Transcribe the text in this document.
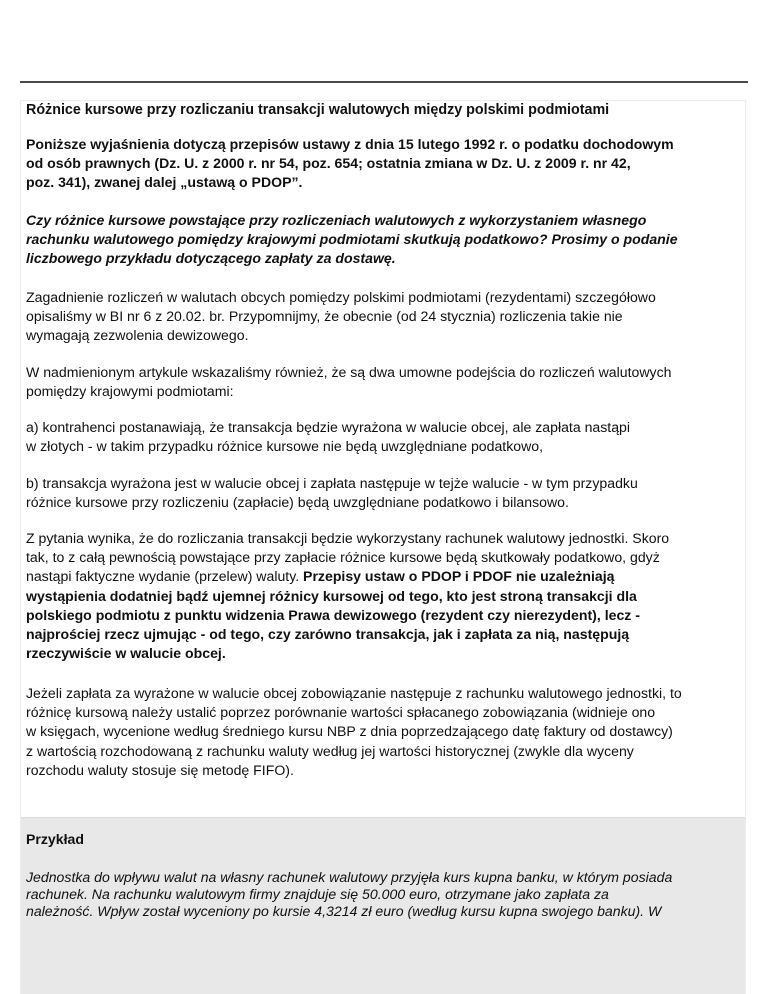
Różnice kursowe przy rozliczaniu transakcji walutowych między polskimi podmiotami

Poniższe wyjaśnienia dotyczą przepisów ustawy z dnia 15 lutego 1992 r. o podatku dochodowym
od osób prawnych (Dz. U. z 2000 r. nr 54, poz. 654; ostatnia zmiana w Dz. U. z 2009 r. nr 42,
poz. 341), zwanej dalej „ustawą o PDOP”.

Czy różnice kursowe powstające przy rozliczeniach walutowych z wykorzystaniem własnego
rachunku walutowego pomiędzy krajowymi podmiotami skutkują podatkowo? Prosimy o podanie
liczbowego przykładu dotyczącego zapłaty za dostawę.

Zagadnienie rozliczeń w walutach obcych pomiędzy polskimi podmiotami (rezydentami) szczegółowo
opisaliśmy w BI nr 6 z 20.02. br. Przypomnijmy, że obecnie (od 24 stycznia) rozliczenia takie nie
wymagają zezwolenia dewizowego.

W nadmienionym artykule wskazaliśmy również, że są dwa umowne podejścia do rozliczeń walutowych
pomiędzy krajowymi podmiotami:

a) kontrahenci postanawiają, że transakcja będzie wyrażona w walucie obcej, ale zapłata nastąpi
w złotych - w takim przypadku różnice kursowe nie będą uwzględniane podatkowo,

b) transakcja wyrażona jest w walucie obcej i zapłata następuje w tejże walucie - w tym przypadku
różnice kursowe przy rozliczeniu (zapłacie) będą uwzględniane podatkowo i bilansowo.

Z pytania wynika, że do rozliczania transakcji będzie wykorzystany rachunek walutowy jednostki. Skoro
tak, to z całą pewnością powstające przy zapłacie różnice kursowe będą skutkowały podatkowo, gdyż
nastąpi faktyczne wydanie (przelew) waluty. Przepisy ustaw o PDOP i PDOF nie uzależniają
wystąpienia dodatniej bądź ujemnej różnicy kursowej od tego, kto jest stroną transakcji dla
polskiego podmiotu z punktu widzenia Prawa dewizowego (rezydent czy nierezydent), lecz -
najprościej rzecz ujmując - od tego, czy zarówno transakcja, jak i zapłata za nią, następują
rzeczywiście w walucie obcej.

Jeżeli zapłata za wyrażone w walucie obcej zobowiązanie następuje z rachunku walutowego jednostki, to
różnicę kursową należy ustalić poprzez porównanie wartości spłacanego zobowiązania (widnieje ono
w księgach, wycenione według średniego kursu NBP z dnia poprzedzającego datę faktury od dostawcy)
z wartością rozchodowaną z rachunku waluty według jej wartości historycznej (zwykle dla wyceny
rozchodu waluty stosuje się metodę FIFO).

Przykład

Jednostka do wpływu walut na własny rachunek walutowy przyjęła kurs kupna banku, w którym posiada
rachunek. Na rachunku walutowym firmy znajduje się 50.000 euro, otrzymane jako zapłata za
należność. Wpływ został wyceniony po kursie 4,3214 zł euro (według kursu kupna swojego banku). W
